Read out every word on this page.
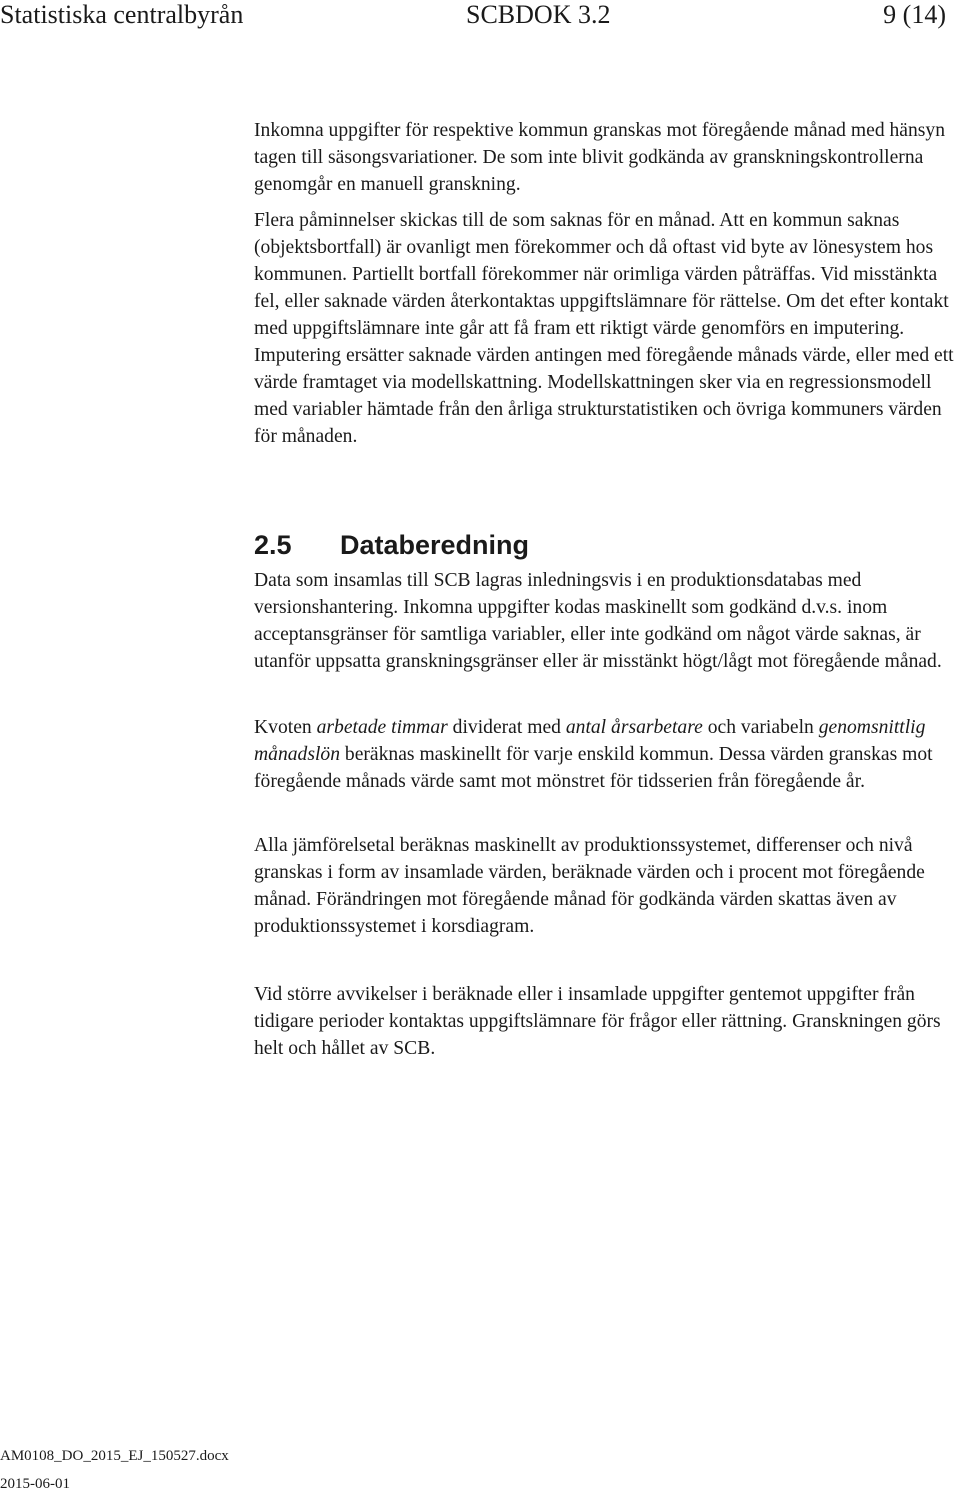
Statistiska centralbyrån	SCBDOK 3.2	9 (14)

Inkomna uppgifter för respektive kommun granskas mot föregående månad med hänsyn tagen till säsongsvariationer. De som inte blivit godkända av granskningskontrollerna genomgår en manuell granskning.

Flera påminnelser skickas till de som saknas för en månad. Att en kommun saknas (objektsbortfall) är ovanligt men förekommer och då oftast vid byte av lönesystem hos kommunen. Partiellt bortfall förekommer när orimliga värden påträffas. Vid misstänkta fel, eller saknade värden återkontaktas uppgiftslämnare för rättelse. Om det efter kontakt med uppgiftslämnare inte går att få fram ett riktigt värde genomförs en imputering. Imputering ersätter saknade värden antingen med föregående månads värde, eller med ett värde framtaget via modellskattning. Modellskattningen sker via en regressionsmodell med variabler hämtade från den årliga strukturstatistiken och övriga kommuners värden för månaden.

2.5 Databeredning

Data som insamlas till SCB lagras inledningsvis i en produktionsdatabas med versionshantering. Inkomna uppgifter kodas maskinellt som godkänd d.v.s. inom acceptansgränser för samtliga variabler, eller inte godkänd om något värde saknas, är utanför uppsatta granskningsgränser eller är misstänkt högt/lågt mot föregående månad.

Kvoten arbetade timmar dividerat med antal årsarbetare och variabeln genomsnittlig månadslön beräknas maskinellt för varje enskild kommun. Dessa värden granskas mot föregående månads värde samt mot mönstret för tidsserien från föregående år.

Alla jämförelsetal beräknas maskinellt av produktionssystemet, differenser och nivå granskas i form av insamlade värden, beräknade värden och i procent mot föregående månad. Förändringen mot föregående månad för godkända värden skattas även av produktionssystemet i korsdiagram.

Vid större avvikelser i beräknade eller i insamlade uppgifter gentemot uppgifter från tidigare perioder kontaktas uppgiftslämnare för frågor eller rättning. Granskningen görs helt och hållet av SCB.

AM0108_DO_2015_EJ_150527.docx
2015-06-01
